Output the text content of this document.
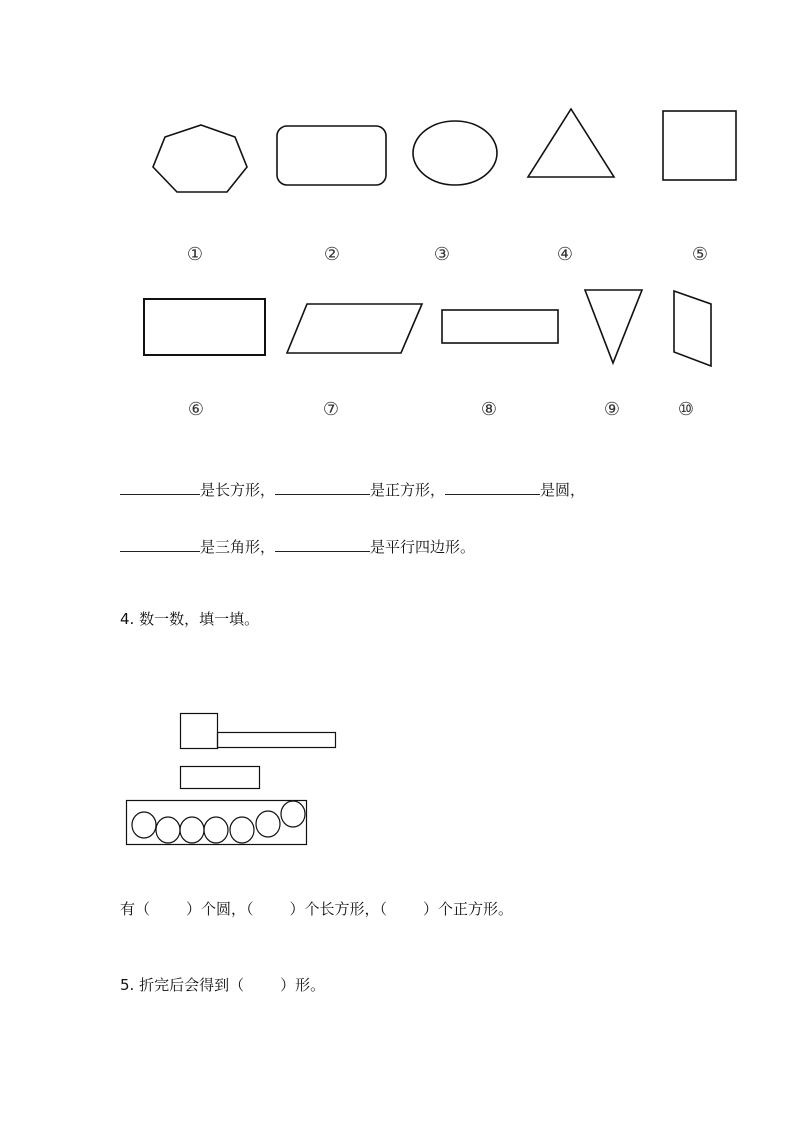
①	②	③	④	⑤
⑥	⑦	⑧	⑨	⑩
是长方形，	是正方形，	是圆，
是三角形，	是平行四边形。
4. 数一数，填一填。
有（ ）个圆，（ ）个长方形，（ ）个正方形。
5. 折完后会得到（ ）形。
